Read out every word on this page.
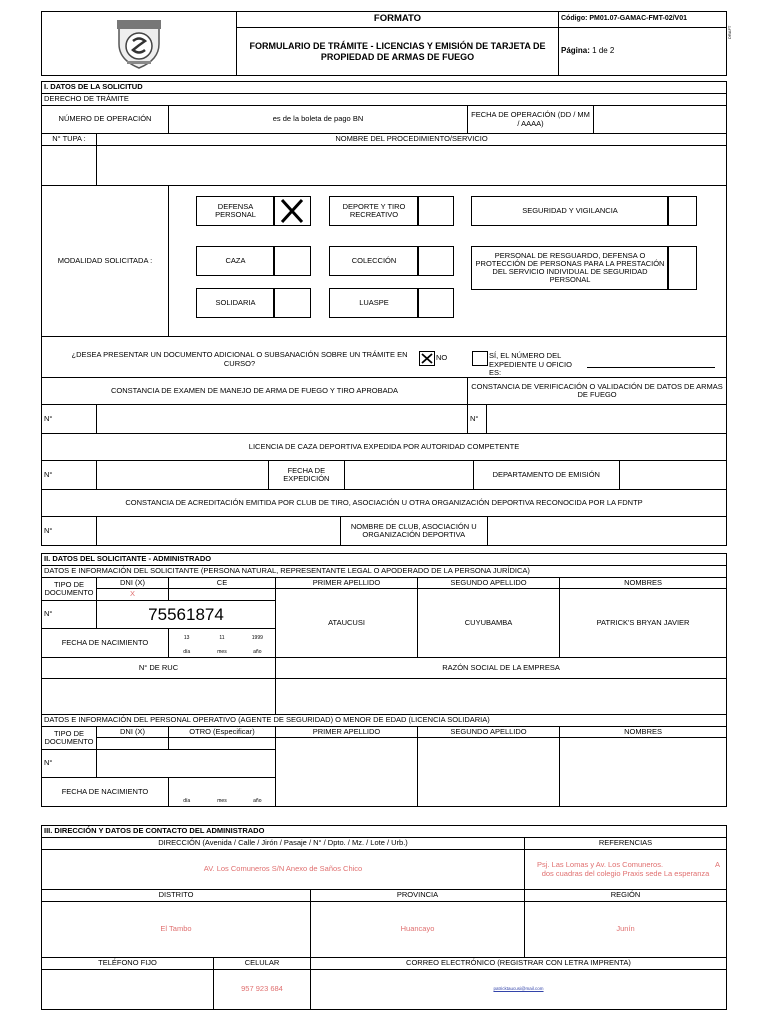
	FORMATO	Código: PM01.07-GAMAC-FMT-02/V01
	FORMULARIO DE TRÁMITE - LICENCIAS Y EMISIÓN DE TARJETA DE PROPIEDAD DE ARMAS DE FUEGO	Página: 1 de 2
DRAFT
I. DATOS DE LA SOLICITUD
DERECHO DE TRÁMITE
NÚMERO DE OPERACIÓN	es de la boleta de pago BN	FECHA DE OPERACIÓN (DD / MM / AAAA)	
N° TUPA :	NOMBRE DEL PROCEDIMIENTO/SERVICIO

MODALIDAD SOLICITADA :	
DEFENSA PERSONAL
DEPORTE Y TIRO RECREATIVO	SEGURIDAD Y VIGILANCIA
CAZA	COLECCIÓN
PERSONAL DE RESGUARDO, DEFENSA O PROTECCIÓN DE PERSONAS PARA LA PRESTACIÓN DEL SERVICIO INDIVIDUAL DE SEGURIDAD PERSONAL
SOLIDARIA	LUASPE

¿DESEA PRESENTAR UN DOCUMENTO ADICIONAL O SUBSANACIÓN SOBRE UN TRÁMITE EN CURSO?
NO	SÍ, EL NÚMERO DEL EXPEDIENTE U OFICIO ES:

CONSTANCIA DE EXAMEN DE MANEJO DE ARMA DE FUEGO Y TIRO APROBADA	CONSTANCIA DE VERIFICACIÓN O VALIDACIÓN DE DATOS DE ARMAS DE FUEGO
N°			N°	

LICENCIA DE CAZA DEPORTIVA EXPEDIDA POR AUTORIDAD COMPETENTE
N°			FECHA DE EXPEDICIÓN		DEPARTAMENTO DE EMISIÓN	

CONSTANCIA DE ACREDITACIÓN EMITIDA POR CLUB DE TIRO, ASOCIACIÓN U OTRA ORGANIZACIÓN DEPORTIVA RECONOCIDA POR LA FDNTP
N°			NOMBRE DE CLUB, ASOCIACIÓN U ORGANIZACIÓN DEPORTIVA	
II. DATOS DEL SOLICITANTE - ADMINISTRADO
DATOS E INFORMACIÓN DEL SOLICITANTE (PERSONA NATURAL, REPRESENTANTE LEGAL O APODERADO DE LA PERSONA JURÍDICA)
TIPO DE DOCUMENTO	DNI (X)	CE	PRIMER APELLIDO	SEGUNDO APELLIDO	NOMBRES
X		ATAUCUSI	CUYUBAMBA	PATRICK'S BRYAN JAVIER
N°	75561874
FECHA DE NACIMIENTO	
13	11	1999
día	mes	año

N° DE RUC	RAZÓN SOCIAL DE LA EMPRESA

DATOS E INFORMACIÓN DEL PERSONAL OPERATIVO (AGENTE DE SEGURIDAD) O MENOR DE EDAD (LICENCIA SOLIDARIA)
TIPO DE DOCUMENTO	DNI (X)	OTRO (Especificar)	PRIMER APELLIDO	SEGUNDO APELLIDO	NOMBRES

N°	
FECHA DE NACIMIENTO	

día	mes	año
III. DIRECCIÓN Y DATOS DE CONTACTO DEL ADMINISTRADO			
DIRECCIÓN (Avenida / Calle / Jirón / Pasaje / N° / Dpto. / Mz. / Lote / Urb.)			REFERENCIAS
AV. Los Comuneros S/N Anexo de Saños Chico			Psj. Las Lomas y Av. Los Comuneros. A
dos cuadras del colegio Praxis sede La esperanza

DISTRITO		PROVINCIA	REGIÓN
El Tambo		Huancayo	Junín
TELÉFONO FIJO	CELULAR	CORREO ELECTRÓNICO (REGISTRAR CON LETRA IMPRENTA)	
	957 923 684	patricktaucusi@mail.com	
